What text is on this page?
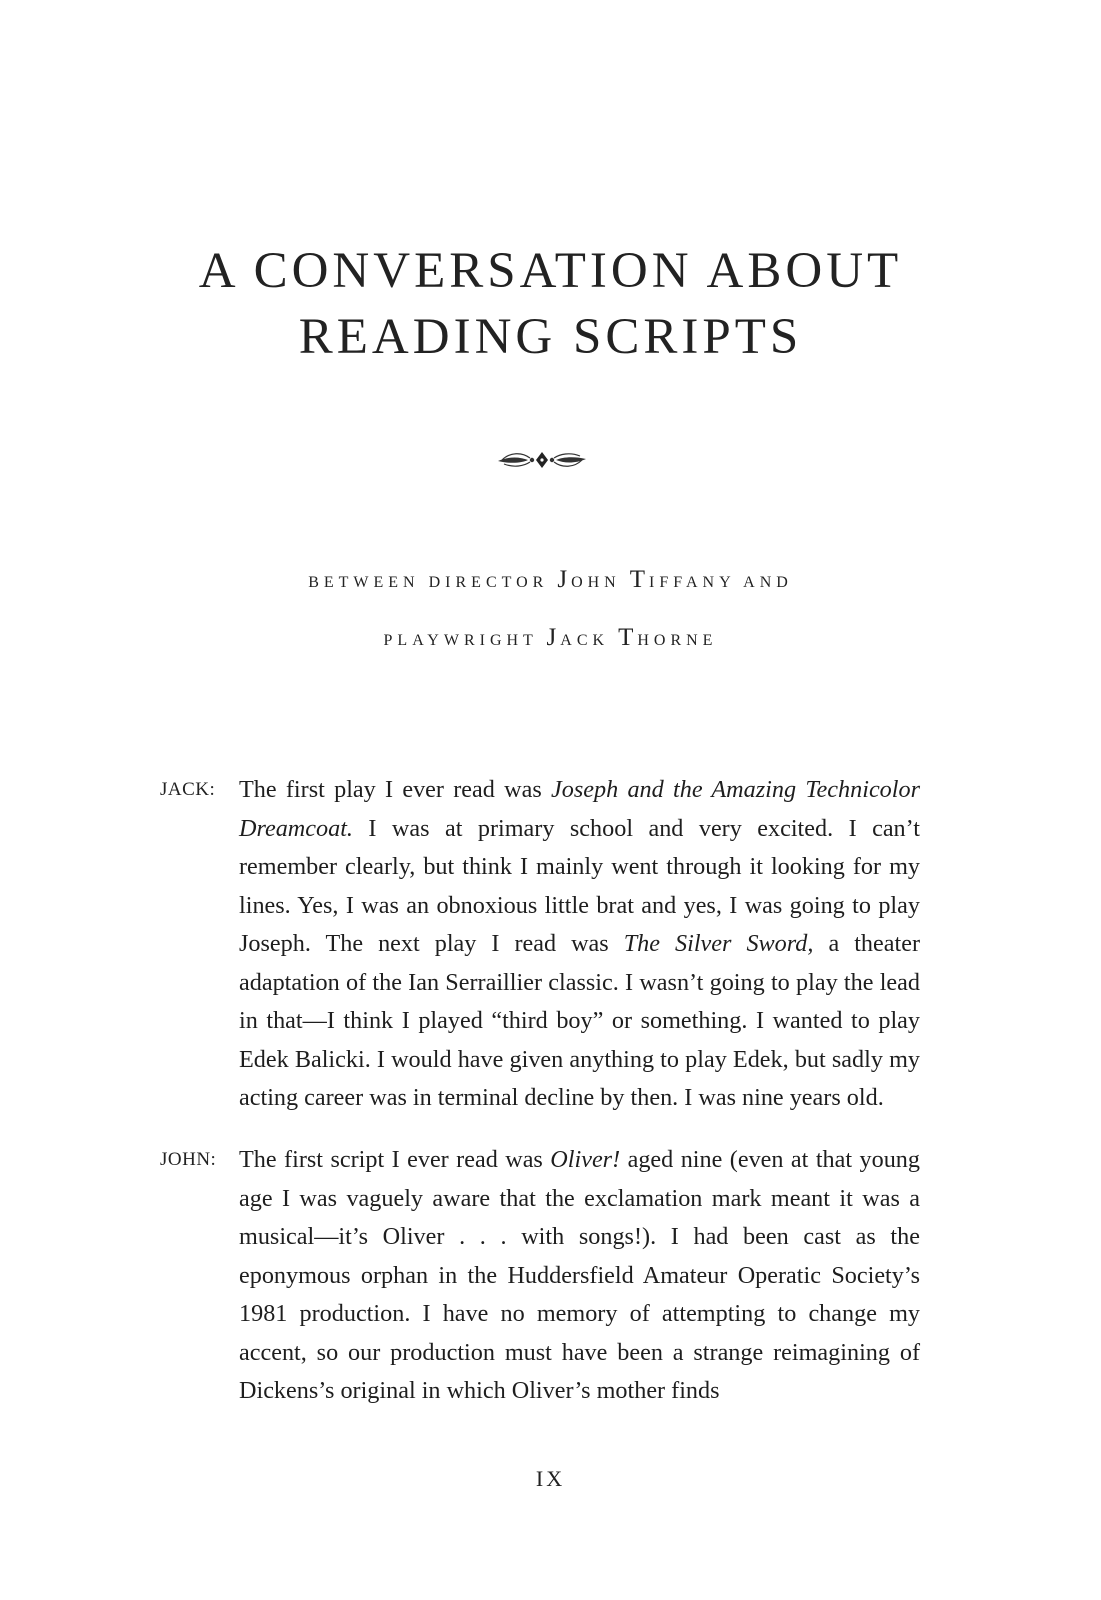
A CONVERSATION ABOUT
READING SCRIPTS
BETWEEN DIRECTOR JOHN TIFFANY AND
PLAYWRIGHT JACK THORNE
JACK: The first play I ever read was Joseph and the Amazing Technicolor Dreamcoat. I was at primary school and very excited. I can’t remember clearly, but think I mainly went through it looking for my lines. Yes, I was an obnoxious little brat and yes, I was going to play Joseph. The next play I read was The Silver Sword, a theater adaptation of the Ian Serraillier classic. I wasn’t going to play the lead in that—I think I played “third boy” or something. I wanted to play Edek Balicki. I would have given anything to play Edek, but sadly my acting career was in terminal decline by then. I was nine years old.

JOHN: The first script I ever read was Oliver! aged nine (even at that young age I was vaguely aware that the exclamation mark meant it was a musical—it’s Oliver . . . with songs!). I had been cast as the eponymous orphan in the Huddersfield Amateur Operatic Society’s 1981 production. I have no memory of attempting to change my accent, so our production must have been a strange reimagining of Dickens’s original in which Oliver’s mother finds

IX
